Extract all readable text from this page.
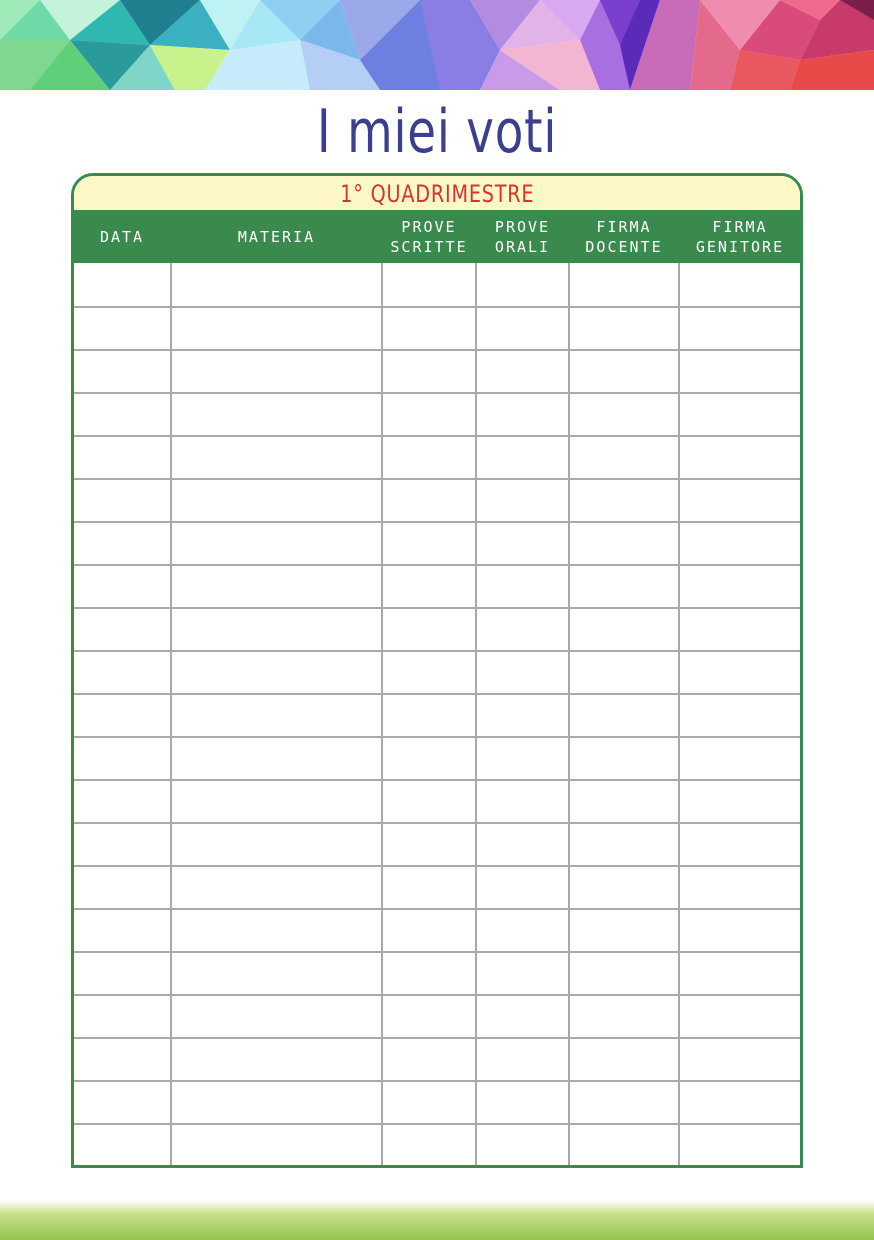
I miei voti
1° QUADRIMESTRE
DATA	MATERIA
PROVE
SCRITTE
PROVE
ORALI
FIRMA
DOCENTE
FIRMA
GENITORE
